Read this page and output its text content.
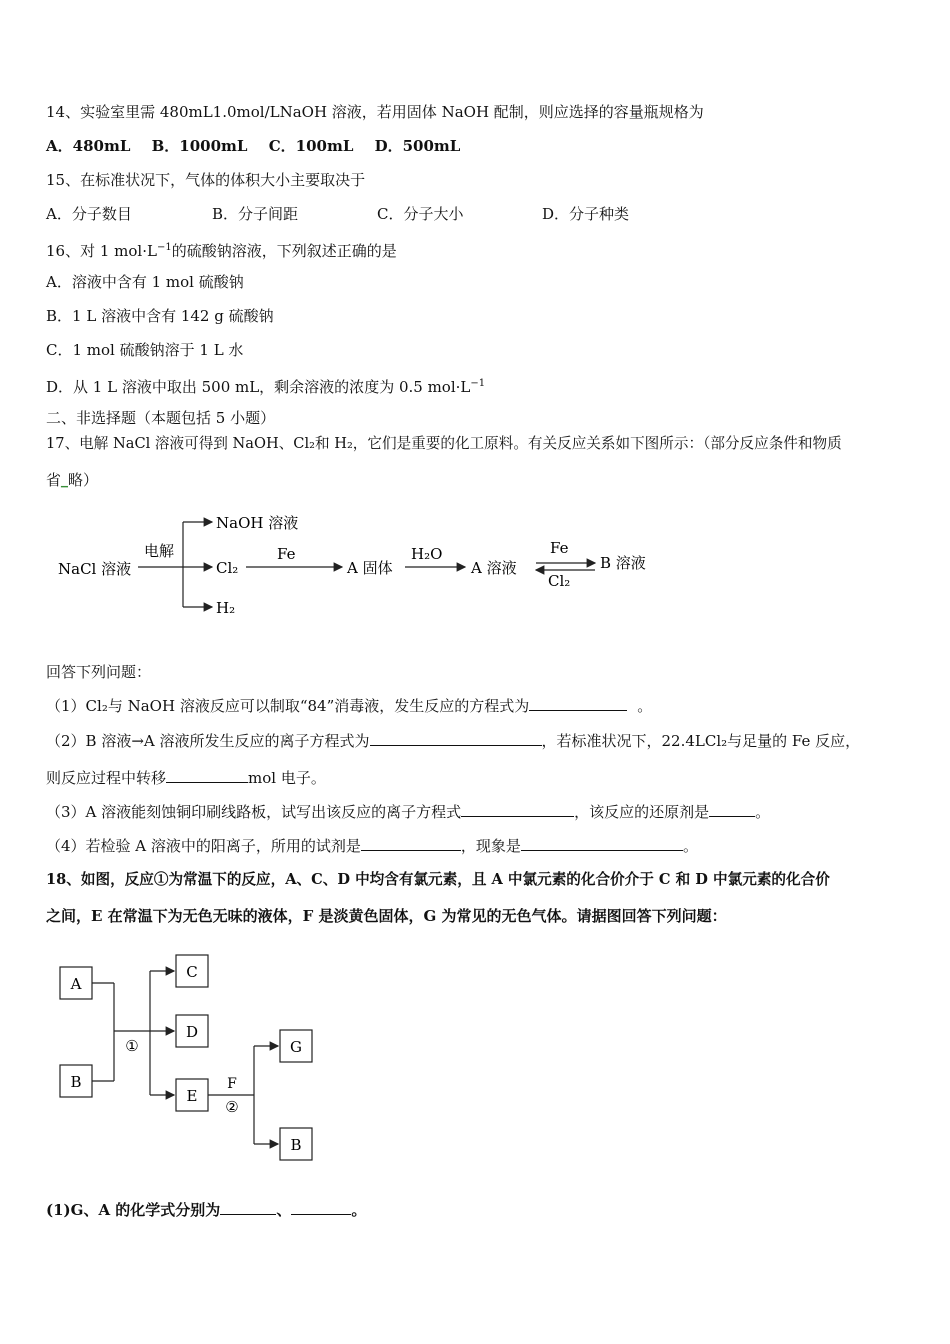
14、实验室里需 480mL1.0mol/LNaOH 溶液，若用固体 NaOH 配制，则应选择的容量瓶规格为
A．480mL B．1000mL C．100mL D．500mL
15、在标准状况下，气体的体积大小主要取决于
A．分子数目	B．分子间距	C．分子大小	D．分子种类
16、对 1 $mol\cdot L^{-1}$的硫酸钠溶液，下列叙述正确的是
A．溶液中含有 1 mol 硫酸钠
B．1 L 溶液中含有 142 g 硫酸钠
C．1 mol 硫酸钠溶于 1 L 水
D．从 1 L 溶液中取出 500 mL，剩余溶液的浓度为 0.5 $mol\cdot L^{-1}$
二、非选择题（本题包括 5 小题）
17、电解 NaCl 溶液可得到 NaOH、Cl₂和 H₂，它们是重要的化工原料。有关反应关系如下图所示：（部分反应条件和物质
省▁略）
NaCl 溶液
电解
NaOH 溶液
Cl₂
H₂
Fe
A 固体
H₂O
A 溶液
Fe
Cl₂
B 溶液
回答下列问题：
（1）Cl₂与 NaOH 溶液反应可以制取“84”消毒液，发生反应的方程式为	。
（2）B 溶液→A 溶液所发生反应的离子方程式为	，若标准状况下，22.4LCl₂与足量的 Fe 反应，
则反应过程中转移	mol 电子。
（3）A 溶液能刻蚀铜印刷线路板，试写出该反应的离子方程式	，该反应的还原剂是	。
（4）若检验 A 溶液中的阳离子，所用的试剂是	，现象是	。
18、如图，反应①为常温下的反应，A、C、D 中均含有氯元素，且 A 中氯元素的化合价介于 C 和 D 中氯元素的化合价
之间，E 在常温下为无色无味的液体，F 是淡黄色固体，G 为常见的无色气体。请据图回答下列问题：
A
B
①
C
D
E
F
②
G
B
(1)G、A 的化学式分别为	、	。
